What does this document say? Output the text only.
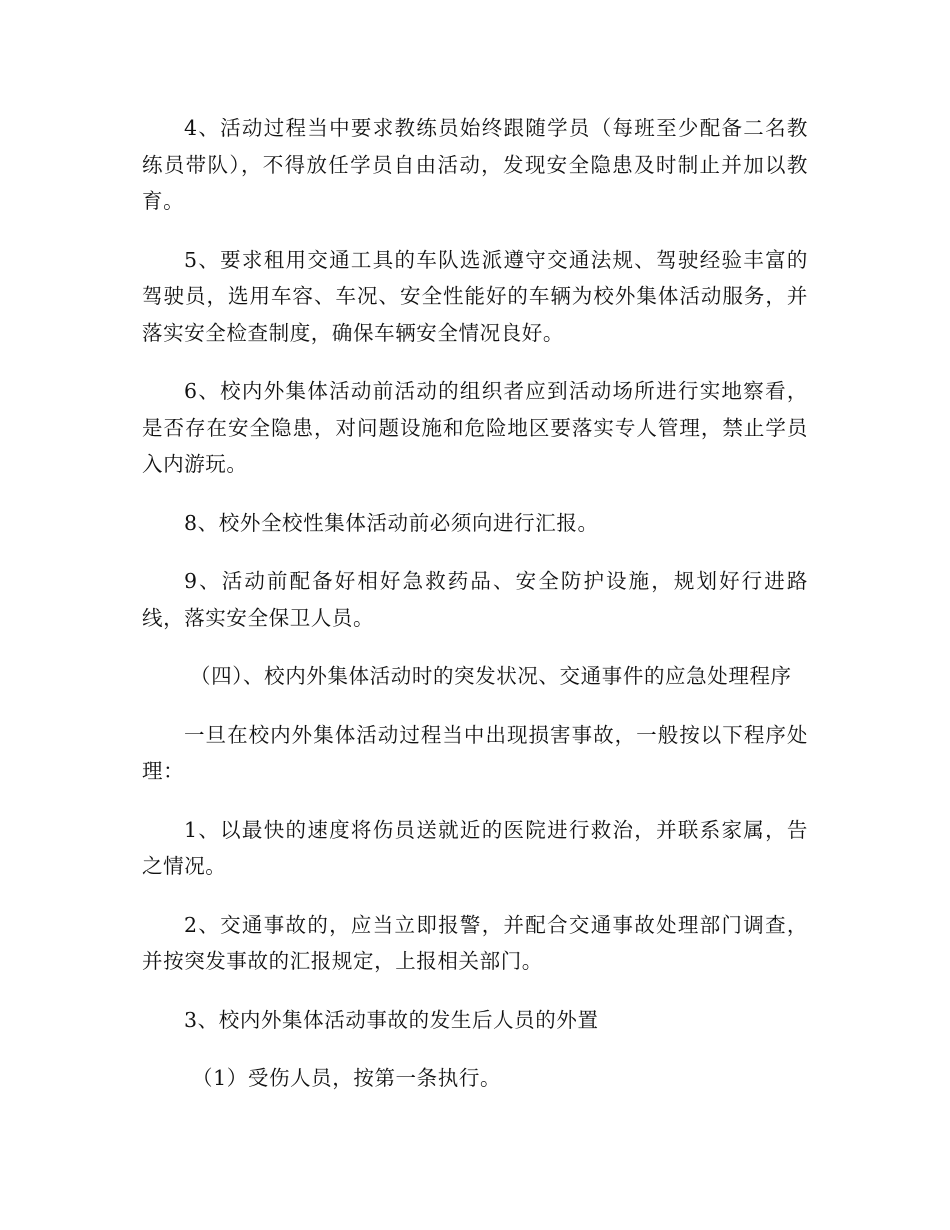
4、活动过程当中要求教练员始终跟随学员（每班至少配备二名教练员带队），不得放任学员自由活动，发现安全隐患及时制止并加以教育。

5、要求租用交通工具的车队选派遵守交通法规、驾驶经验丰富的驾驶员，选用车容、车况、安全性能好的车辆为校外集体活动服务，并落实安全检查制度，确保车辆安全情况良好。

6、校内外集体活动前活动的组织者应到活动场所进行实地察看，是否存在安全隐患，对问题设施和危险地区要落实专人管理，禁止学员入内游玩。

8、校外全校性集体活动前必须向进行汇报。

9、活动前配备好相好急救药品、安全防护设施，规划好行进路线，落实安全保卫人员。

（四）、校内外集体活动时的突发状况、交通事件的应急处理程序

一旦在校内外集体活动过程当中出现损害事故，一般按以下程序处理：

1、以最快的速度将伤员送就近的医院进行救治，并联系家属，告之情况。

2、交通事故的，应当立即报警，并配合交通事故处理部门调查，并按突发事故的汇报规定，上报相关部门。

3、校内外集体活动事故的发生后人员的外置

（1）受伤人员，按第一条执行。
